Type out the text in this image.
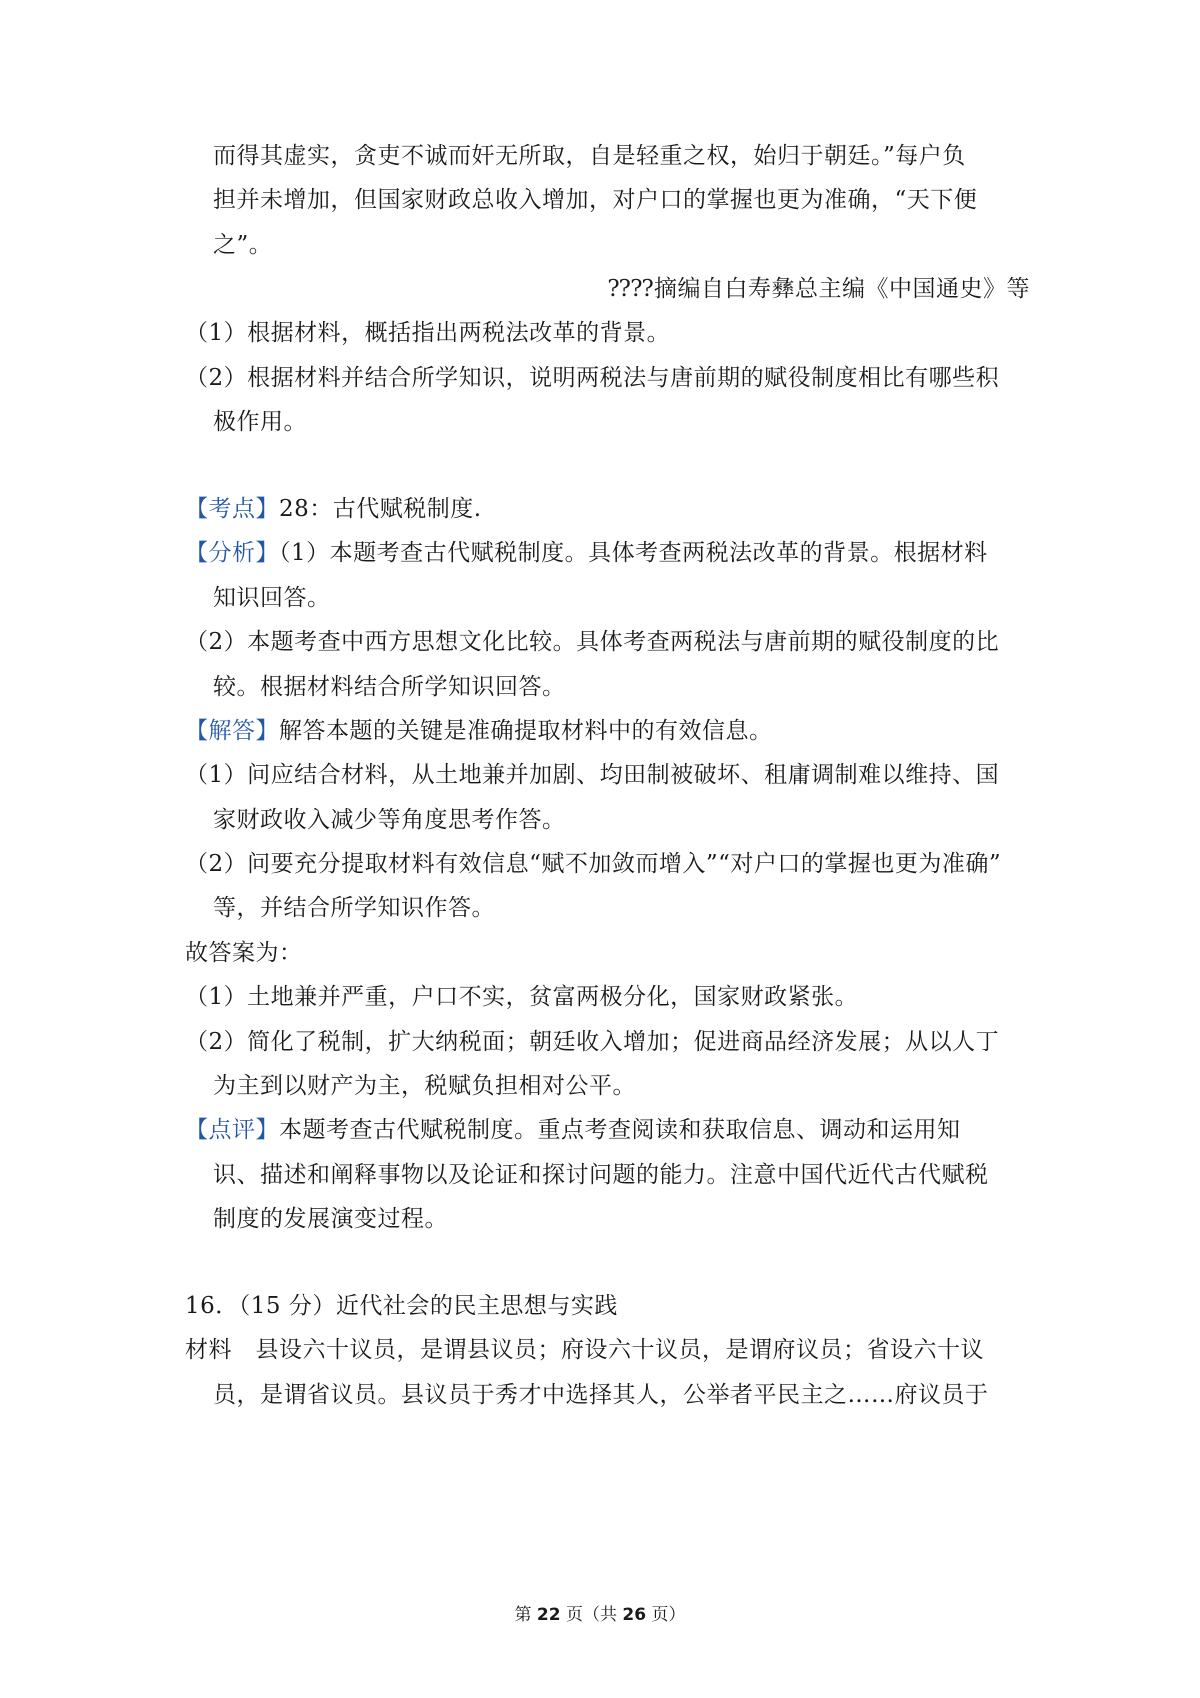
而得其虚实，贪吏不诚而奸无所取，自是轻重之权，始归于朝廷。”每户负
担并未增加，但国家财政总收入增加，对户口的掌握也更为准确，“天下便
之”。
⁇⁇摘编自白寿彝总主编《中国通史》等
（1）根据材料，概括指出两税法改革的背景。
（2）根据材料并结合所学知识，说明两税法与唐前期的赋役制度相比有哪些积
极作用。
【考点】28：古代赋税制度.
【分析】（1）本题考查古代赋税制度。具体考查两税法改革的背景。根据材料
知识回答。
（2）本题考查中西方思想文化比较。具体考查两税法与唐前期的赋役制度的比
较。根据材料结合所学知识回答。
【解答】解答本题的关键是准确提取材料中的有效信息。
（1）问应结合材料，从土地兼并加剧、均田制被破坏、租庸调制难以维持、国
家财政收入减少等角度思考作答。
（2）问要充分提取材料有效信息“赋不加敛而增入”“对户口的掌握也更为准确”
等，并结合所学知识作答。
故答案为：
（1）土地兼并严重，户口不实，贫富两极分化，国家财政紧张。
（2）简化了税制，扩大纳税面；朝廷收入增加；促进商品经济发展；从以人丁
为主到以财产为主，税赋负担相对公平。
【点评】本题考查古代赋税制度。重点考查阅读和获取信息、调动和运用知
识、描述和阐释事物以及论证和探讨问题的能力。注意中国代近代古代赋税
制度的发展演变过程。
16．（15 分）近代社会的民主思想与实践
材料　县设六十议员，是谓县议员；府设六十议员，是谓府议员；省设六十议
员，是谓省议员。县议员于秀才中选择其人，公举者平民主之……府议员于
第 22 页（共 26 页）
